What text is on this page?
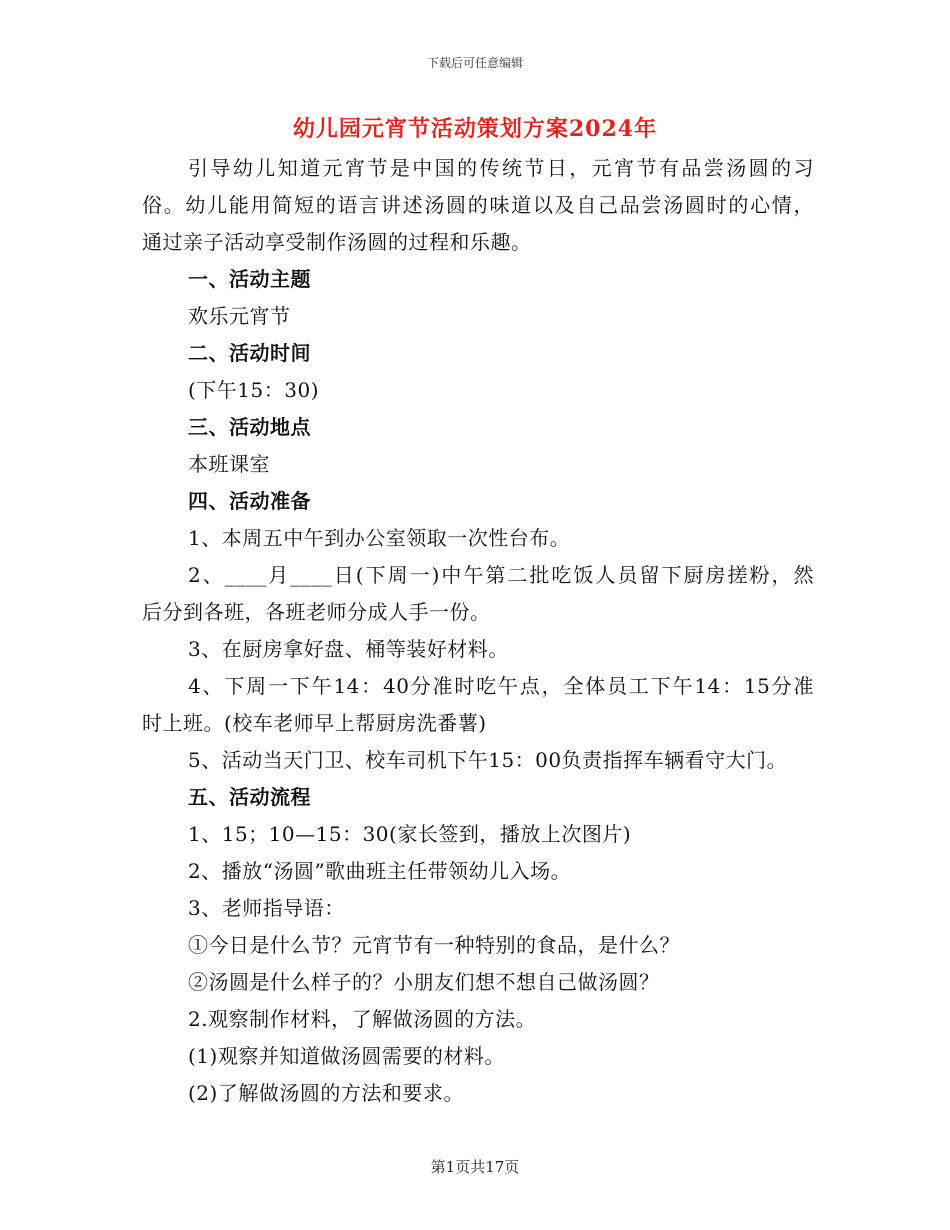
下载后可任意编辑
幼儿园元宵节活动策划方案2024年
引导幼儿知道元宵节是中国的传统节日，元宵节有品尝汤圆的习
俗。幼儿能用简短的语言讲述汤圆的味道以及自己品尝汤圆时的心情，
通过亲子活动享受制作汤圆的过程和乐趣。
一、活动主题
欢乐元宵节
二、活动时间
(下午15：30)
三、活动地点
本班课室
四、活动准备
1、本周五中午到办公室领取一次性台布。
2、____月____日(下周一)中午第二批吃饭人员留下厨房搓粉，然
后分到各班，各班老师分成人手一份。
3、在厨房拿好盘、桶等装好材料。
4、下周一下午14：40分准时吃午点，全体员工下午14：15分准
时上班。(校车老师早上帮厨房洗番薯)
5、活动当天门卫、校车司机下午15：00负责指挥车辆看守大门。
五、活动流程
1、15；10—15：30(家长签到，播放上次图片)
2、播放“汤圆”歌曲班主任带领幼儿入场。
3、老师指导语：
①今日是什么节？元宵节有一种特别的食品，是什么？
②汤圆是什么样子的？小朋友们想不想自己做汤圆？
2.观察制作材料，了解做汤圆的方法。
(1)观察并知道做汤圆需要的材料。
(2)了解做汤圆的方法和要求。
第1页共17页
